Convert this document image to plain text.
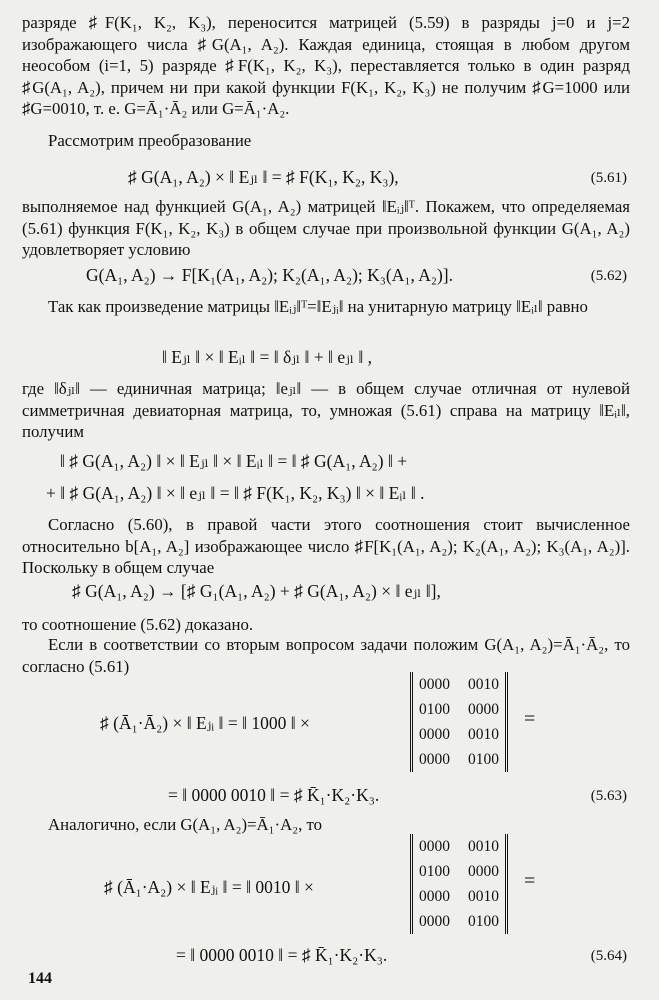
разряде ♯F(K₁, K₂, K₃), переносится матрицей (5.59) в разряды j=0 и j=2 изображающего числа ♯G(A₁, A₂). Каждая единица, стоящая в любом другом неособом (i=1, 5) разряде ♯F(K₁, K₂, K₃), переставляется только в один разряд ♯G(A₁, A₂), причем ни при какой функции F(K₁, K₂, K₃) не получим ♯G=1000 или ♯G=0010, т. е. G=Ā₁·Ā₂ или G=Ā₁·A₂.

Рассмотрим преобразование

♯ G(A₁, A₂) × ‖ Eⱼₗ ‖ = ♯ F(K₁, K₂, K₃),	(5.61)

выполняемое над функцией G(A₁, A₂) матрицей ‖Eᵢⱼ‖ᵀ. Покажем, что определяемая (5.61) функция F(K₁, K₂, K₃) в общем случае при произвольной функции G(A₁, A₂) удовлетворяет условию

G(A₁, A₂) → F[K₁(A₁, A₂); K₂(A₁, A₂); K₃(A₁, A₂)].	(5.62)

Так как произведение матрицы ‖Eᵢⱼ‖ᵀ=‖Eⱼᵢ‖ на унитарную матрицу ‖Eᵢₗ‖ равно

‖ Eⱼₗ ‖ × ‖ Eᵢₗ ‖ = ‖ δⱼₗ ‖ + ‖ eⱼₗ ‖ ,

где ‖δⱼₗ‖ — единичная матрица; ‖eⱼₗ‖ — в общем случае отличная от нулевой симметричная девиаторная матрица, то, умножая (5.61) справа на матрицу ‖Eᵢₗ‖, получим

‖ ♯ G(A₁, A₂) ‖ × ‖ Eⱼₗ ‖ × ‖ Eᵢₗ ‖ = ‖ ♯ G(A₁, A₂) ‖ +
+ ‖ ♯ G(A₁, A₂) ‖ × ‖ eⱼₗ ‖ = ‖ ♯ F(K₁, K₂, K₃) ‖ × ‖ Eᵢₗ ‖ .

Согласно (5.60), в правой части этого соотношения стоит вычисленное относительно b[A₁, A₂] изображающее число ♯F[K₁(A₁, A₂); K₂(A₁, A₂); K₃(A₁, A₂)]. Поскольку в общем случае

♯ G(A₁, A₂) → [♯ G₁(A₁, A₂) + ♯ G(A₁, A₂) × ‖ eⱼₗ ‖],

то соотношение (5.62) доказано.

Если в соответствии со вторым вопросом задачи положим G(A₁, A₂)=Ā₁·Ā₂, то согласно (5.61)

♯ (Ā₁·Ā₂) × ‖ Eⱼᵢ ‖ = ‖ 1000 ‖ ×
0000 0010
0100 0000
0000 0010
0000 0100
=
= ‖ 0000 0010 ‖ = ♯ K̄₁·K₂·K₃.	(5.63)

Аналогично, если G(A₁, A₂)=Ā₁·A₂, то

♯ (Ā₁·A₂) × ‖ Eⱼᵢ ‖ = ‖ 0010 ‖ ×
0000 0010
0100 0000
0000 0010
0000 0100
=
= ‖ 0000 0010 ‖ = ♯ K̄₁·K₂·K₃.	(5.64)
144
